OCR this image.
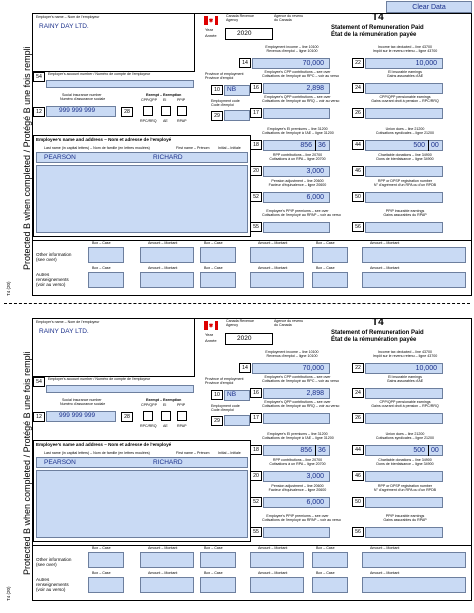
Clear Data
Protected B when completed / Protégé B une fois rempli
T4 (20)
Employer's name – Nom de l'employeur
RAINY DAY LTD.
Canada Revenue Agency
Agence du revenu du Canada	T4
Statement of Remuneration Paid
État de la rémunération payée
Year
Année	2020
54	Employer's account number / Numéro de compte de l'employeur
Social insurance number
Numéro d'assurance sociale
12	999 999 999
Exempt – Exemption
CPP/QPP EI	PPIP
28
RPC/RRQ AE	RPAP
Province of employment
Province d'emploi
10	NB
Employment code
Code d'emploi
29
Employee's name and address – Nom et adresse de l'employé
Last name (in capital letters) – Nom de famille (en lettres moulées)	First name – Prénom Initial – Initiale
PEARSON	RICHARD
Employment income – line 10100
Revenus d'emploi – ligne 10100
14	70,000
Employee's CPP contributions – see over
Cotisations de l'employé au RPC – voir au verso
16	2,898
Employee's QPP contributions – see over
Cotisations de l'employé au RRQ – voir au verso
17
Employee's EI premiums – line 31200
Cotisations de l'employé à l'AE – ligne 31200
18	856 36
RPP contributions – line 20700
Cotisations à un RPA – ligne 20700
20	3,000
Pension adjustment – line 20600
Facteur d'équivalence – ligne 20600
52	6,000
Employee's PPIP premiums – see over
Cotisations de l'employé au RPAP – voir au verso
55
Income tax deducted – line 43700
Impôt sur le revenu retenu – ligne 43700
22	10,000
EI insurable earnings
Gains assurables d'AE
24
CPP/QPP pensionable earnings
Gains ouvrant droit à pension – RPC/RRQ
26
Union dues – line 21200
Cotisations syndicales – ligne 21200
44	500 00
Charitable donations – line 34900
Dons de bienfaisance – ligne 34900
46
RPP or DPSP registration number
N° d'agrément d'un RPA ou d'un RPDB
50
PPIP insurable earnings
Gains assurables du RPAP
56
Other information
(see over)
Autres
renseignements
(voir au verso)
Box – Case	Amount – Montant
Box – Case	Amount – Montant
Box – Case	Amount – Montant
Box – Case	Amount – Montant
Box – Case	Amount – Montant
Box – Case	Amount – Montant
Protected B when completed / Protégé B une fois rempli
T4 (20)
Employer's name – Nom de l'employeur
RAINY DAY LTD.
Canada Revenue Agency
Agence du revenu du Canada	T4
Statement of Remuneration Paid
État de la rémunération payée
Year
Année	2020
54	Employer's account number / Numéro de compte de l'employeur
Social insurance number
Numéro d'assurance sociale
12	999 999 999
Exempt – Exemption
CPP/QPP EI	PPIP
28
RPC/RRQ AE	RPAP
Province of employment
Province d'emploi
10	NB
Employment code
Code d'emploi
29
Employee's name and address – Nom et adresse de l'employé
Last name (in capital letters) – Nom de famille (en lettres moulées)	First name – Prénom Initial – Initiale
PEARSON	RICHARD
Employment income – line 10100
Revenus d'emploi – ligne 10100
14	70,000
Employee's CPP contributions – see over
Cotisations de l'employé au RPC – voir au verso
16	2,898
Employee's QPP contributions – see over
Cotisations de l'employé au RRQ – voir au verso
17
Employee's EI premiums – line 31200
Cotisations de l'employé à l'AE – ligne 31200
18	856 36
RPP contributions – line 20700
Cotisations à un RPA – ligne 20700
20	3,000
Pension adjustment – line 20600
Facteur d'équivalence – ligne 20600
52	6,000
Employee's PPIP premiums – see over
Cotisations de l'employé au RPAP – voir au verso
55
Income tax deducted – line 43700
Impôt sur le revenu retenu – ligne 43700
22	10,000
EI insurable earnings
Gains assurables d'AE
24
CPP/QPP pensionable earnings
Gains ouvrant droit à pension – RPC/RRQ
26
Union dues – line 21200
Cotisations syndicales – ligne 21200
44	500 00
Charitable donations – line 34900
Dons de bienfaisance – ligne 34900
46
RPP or DPSP registration number
N° d'agrément d'un RPA ou d'un RPDB
50
PPIP insurable earnings
Gains assurables du RPAP
56
Other information
(see over)
Autres
renseignements
(voir au verso)
Box – Case	Amount – Montant
Box – Case	Amount – Montant
Box – Case	Amount – Montant
Box – Case	Amount – Montant
Box – Case	Amount – Montant
Box – Case	Amount – Montant
